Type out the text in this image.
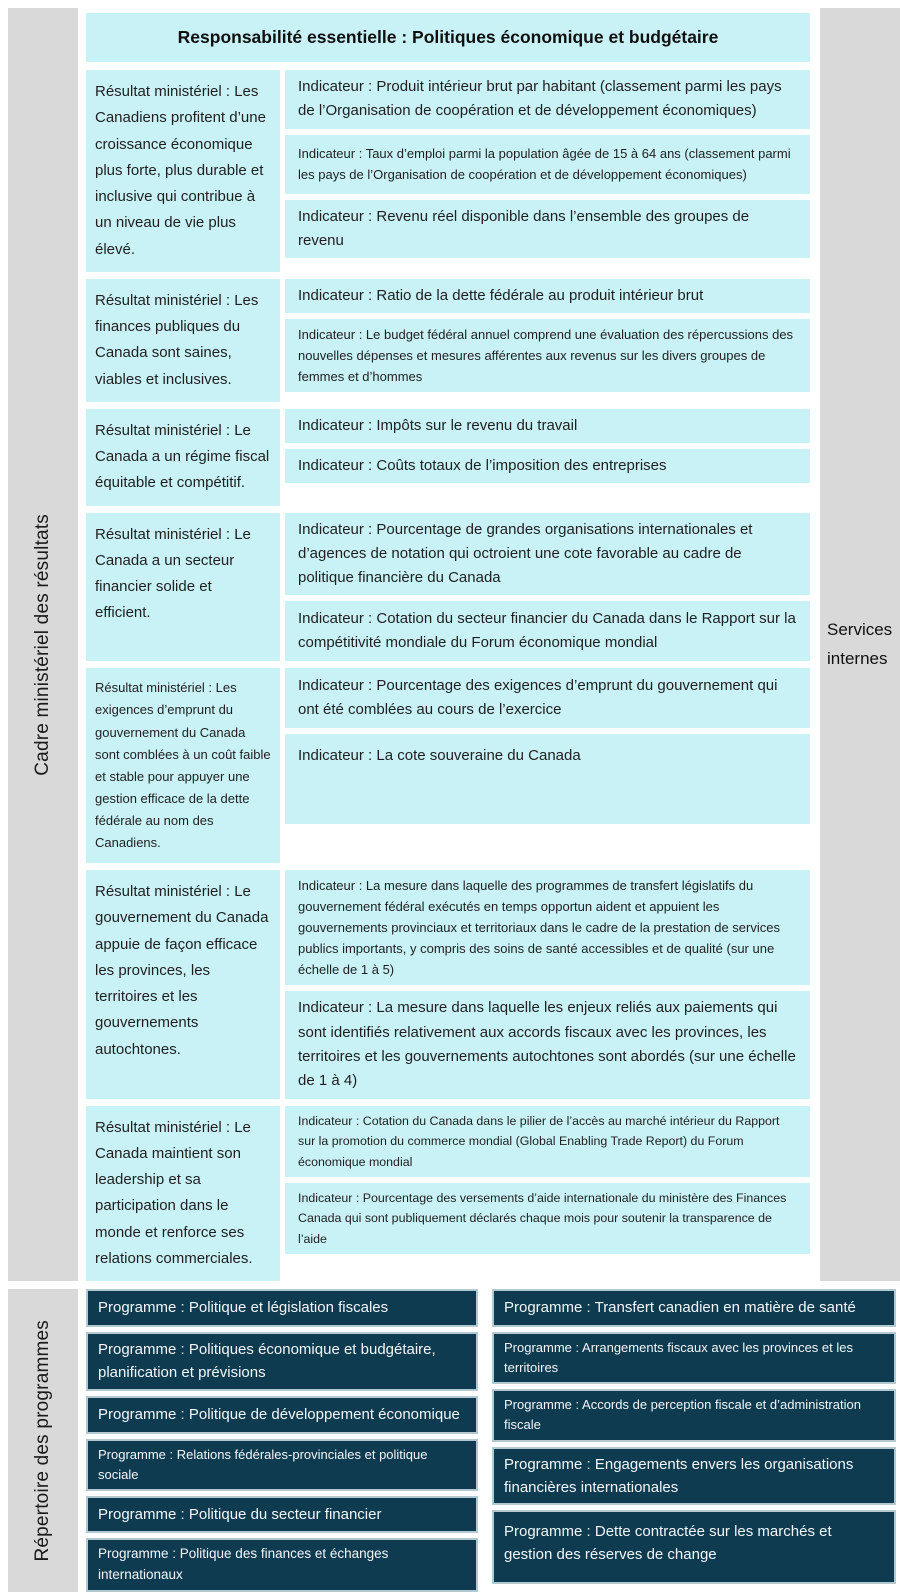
Cadre ministériel des résultats
Responsabilité essentielle : Politiques économique et budgétaire
Résultat ministériel : Les Canadiens profitent d’une croissance économique plus forte, plus durable et inclusive qui contribue à un niveau de vie plus élevé.
Indicateur : Produit intérieur brut par habitant (classement parmi les pays de l’Organisation de coopération et de développement économiques)
Indicateur : Taux d’emploi parmi la population âgée de 15 à 64 ans (classement parmi les pays de l’Organisation de coopération et de développement économiques)
Indicateur : Revenu réel disponible dans l’ensemble des groupes de revenu
Résultat ministériel : Les finances publiques du Canada sont saines, viables et inclusives.
Indicateur : Ratio de la dette fédérale au produit intérieur brut
Indicateur : Le budget fédéral annuel comprend une évaluation des répercussions des nouvelles dépenses et mesures afférentes aux revenus sur les divers groupes de femmes et d’hommes
Résultat ministériel : Le Canada a un régime fiscal équitable et compétitif.
Indicateur : Impôts sur le revenu du travail
Indicateur : Coûts totaux de l’imposition des entreprises
Résultat ministériel : Le Canada a un secteur financier solide et efficient.
Indicateur : Pourcentage de grandes organisations internationales et d’agences de notation qui octroient une cote favorable au cadre de politique financière du Canada
Indicateur : Cotation du secteur financier du Canada dans le Rapport sur la compétitivité mondiale du Forum économique mondial
Résultat ministériel : Les exigences d’emprunt du gouvernement du Canada sont comblées à un coût faible et stable pour appuyer une gestion efficace de la dette fédérale au nom des Canadiens.
Indicateur : Pourcentage des exigences d’emprunt du gouvernement qui ont été comblées au cours de l’exercice
Indicateur : La cote souveraine du Canada
Résultat ministériel : Le gouvernement du Canada appuie de façon efficace les provinces, les territoires et les gouvernements autochtones.
Indicateur : La mesure dans laquelle des programmes de transfert législatifs du gouvernement fédéral exécutés en temps opportun aident et appuient les gouvernements provinciaux et territoriaux dans le cadre de la prestation de services publics importants, y compris des soins de santé accessibles et de qualité (sur une échelle de 1 à 5)
Indicateur : La mesure dans laquelle les enjeux reliés aux paiements qui sont identifiés relativement aux accords fiscaux avec les provinces, les territoires et les gouvernements autochtones sont abordés (sur une échelle de 1 à 4)
Résultat ministériel : Le Canada maintient son leadership et sa participation dans le monde et renforce ses relations commerciales.
Indicateur : Cotation du Canada dans le pilier de l’accès au marché intérieur du Rapport sur la promotion du commerce mondial (Global Enabling Trade Report) du Forum économique mondial
Indicateur : Pourcentage des versements d’aide internationale du ministère des Finances Canada qui sont publiquement déclarés chaque mois pour soutenir la transparence de l’aide
Services internes
Répertoire des programmes
Programme : Politique et législation fiscales
Programme : Politiques économique et budgétaire, planification et prévisions
Programme : Politique de développement économique
Programme : Relations fédérales-provinciales et politique sociale
Programme : Politique du secteur financier
Programme : Politique des finances et échanges internationaux
Programme : Transfert canadien en matière de santé
Programme : Arrangements fiscaux avec les provinces et les territoires
Programme : Accords de perception fiscale et d’administration fiscale
Programme : Engagements envers les organisations financières internationales
Programme : Dette contractée sur les marchés et gestion des réserves de change
